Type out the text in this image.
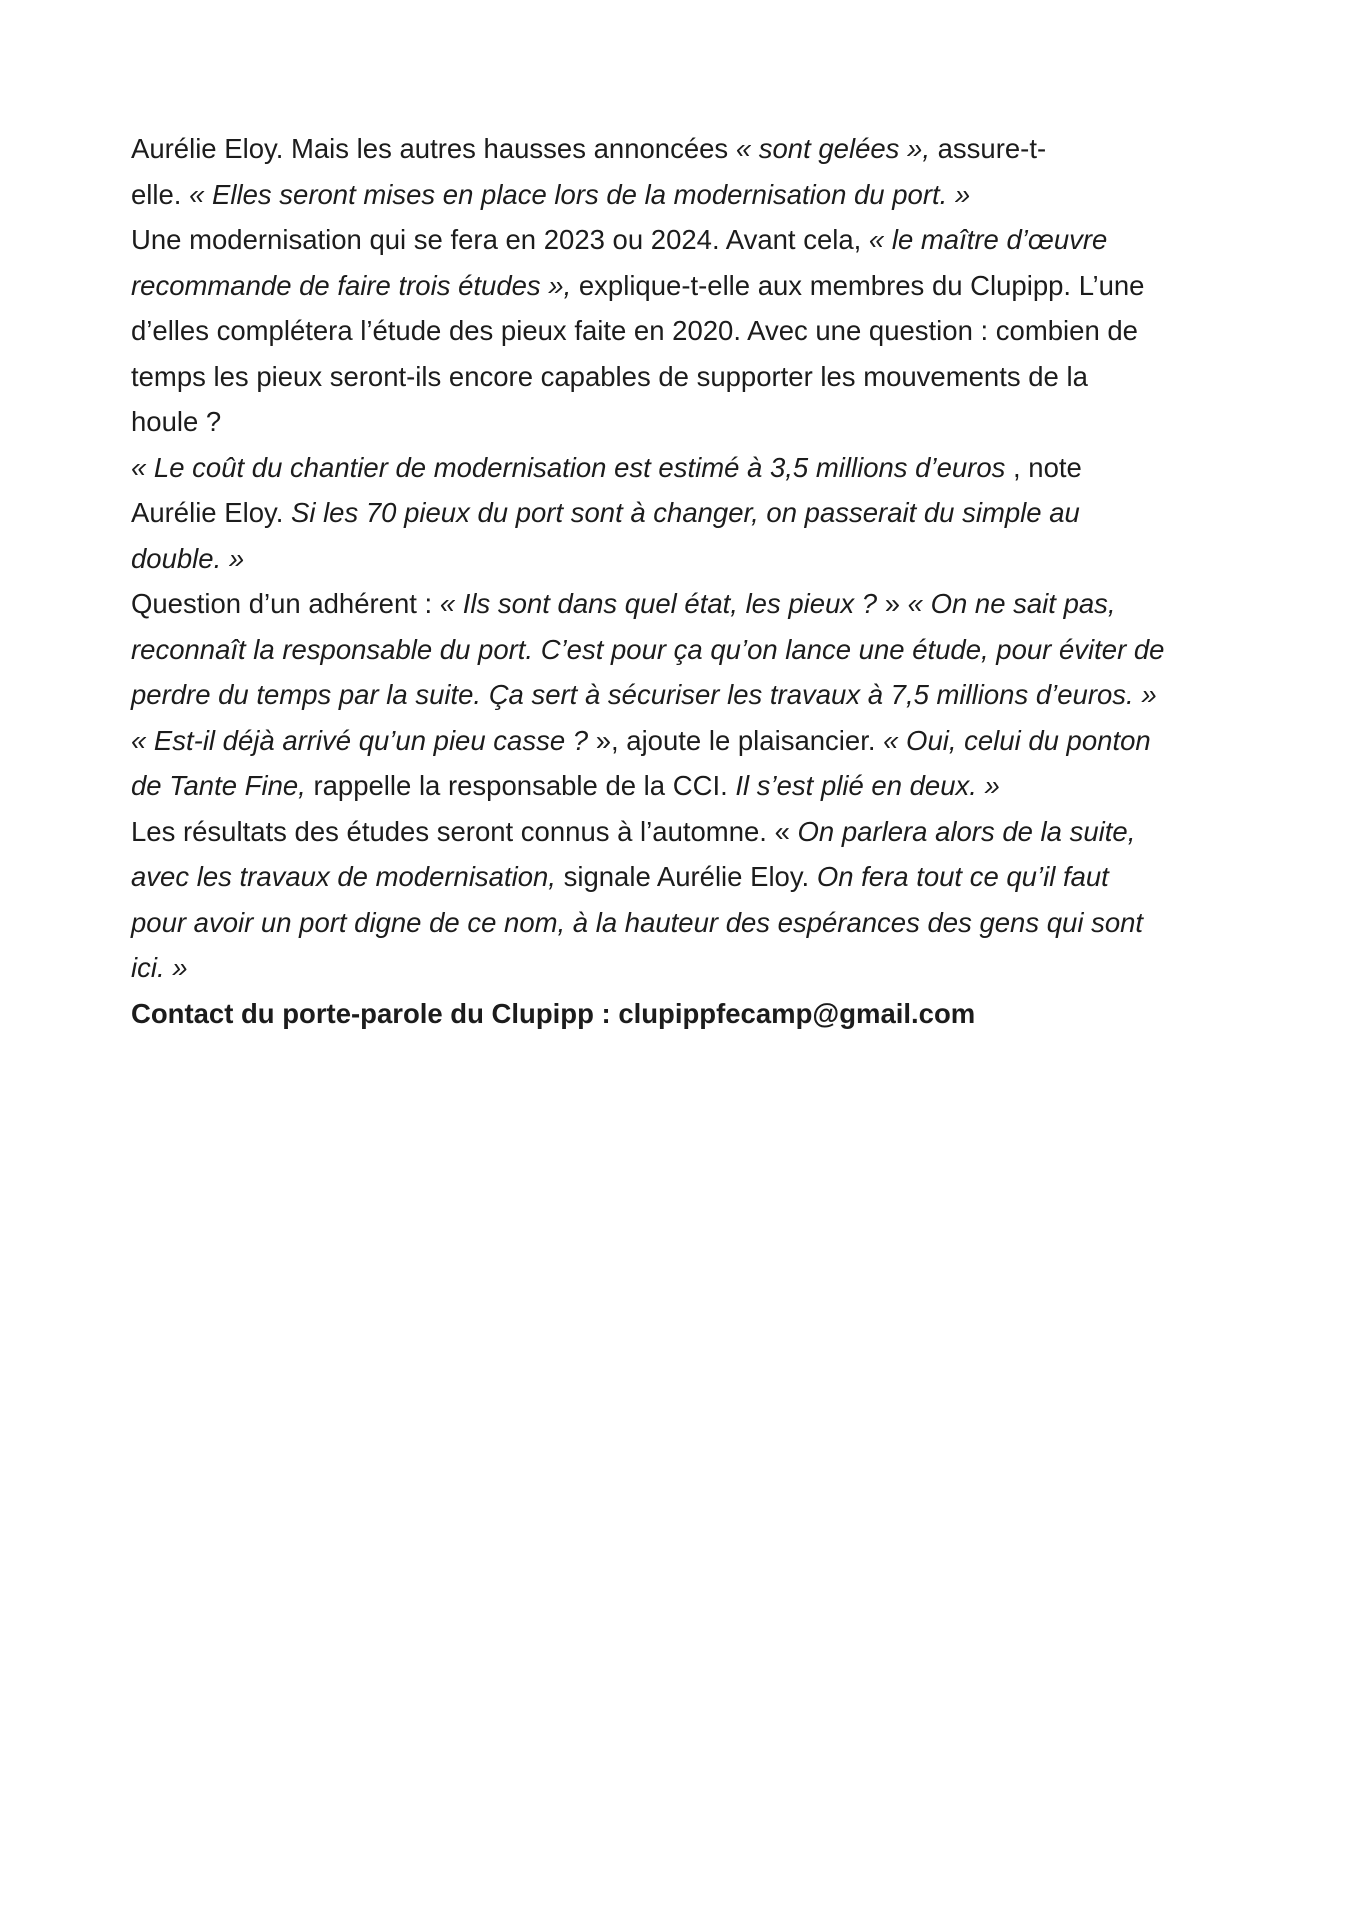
Aurélie Eloy. Mais les autres hausses annoncées « sont gelées », assure-t-
elle. « Elles seront mises en place lors de la modernisation du port. »
Une modernisation qui se fera en 2023 ou 2024. Avant cela, « le maître d’œuvre
recommande de faire trois études », explique-t-elle aux membres du Clupipp. L’une
d’elles complétera l’étude des pieux faite en 2020. Avec une question : combien de
temps les pieux seront-ils encore capables de supporter les mouvements de la
houle ?
« Le coût du chantier de modernisation est estimé à 3,5 millions d’euros , note
Aurélie Eloy. Si les 70 pieux du port sont à changer, on passerait du simple au
double. »
Question d’un adhérent : « Ils sont dans quel état, les pieux ? » « On ne sait pas,
reconnaît la responsable du port. C’est pour ça qu’on lance une étude, pour éviter de
perdre du temps par la suite. Ça sert à sécuriser les travaux à 7,5 millions d’euros. »
« Est-il déjà arrivé qu’un pieu casse ? », ajoute le plaisancier. « Oui, celui du ponton
de Tante Fine, rappelle la responsable de la CCI. Il s’est plié en deux. »
Les résultats des études seront connus à l’automne. « On parlera alors de la suite,
avec les travaux de modernisation, signale Aurélie Eloy. On fera tout ce qu’il faut
pour avoir un port digne de ce nom, à la hauteur des espérances des gens qui sont
ici. »
Contact du porte-parole du Clupipp : clupippfecamp@gmail.com
